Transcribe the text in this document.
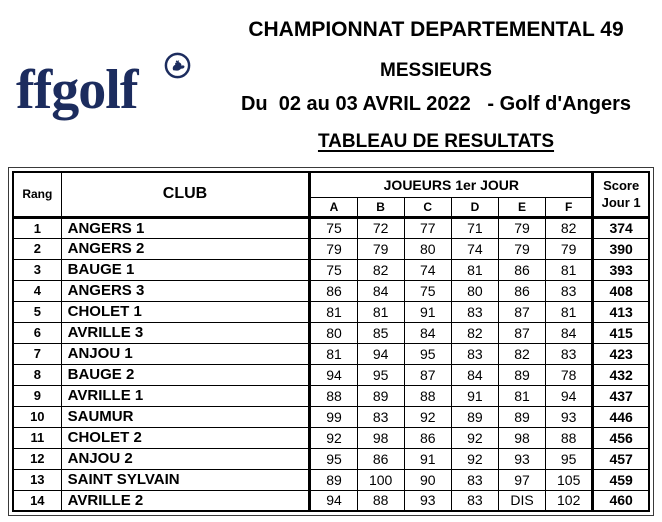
ffgolf
CHAMPIONNAT DEPARTEMENTAL 49
MESSIEURS
Du  02 au 03 AVRIL 2022   - Golf d'Angers
TABLEAU DE RESULTATS
Rang	CLUB	JOUEURS 1er JOUR						Score
Jour 1

		A	B	C	D	E	F	
1	ANGERS 1	75	72	77	71	79	82	374
2	ANGERS 2	79	79	80	74	79	79	390
3	BAUGE 1	75	82	74	81	86	81	393
4	ANGERS 3	86	84	75	80	86	83	408
5	CHOLET 1	81	81	91	83	87	81	413
6	AVRILLE 3	80	85	84	82	87	84	415
7	ANJOU 1	81	94	95	83	82	83	423
8	BAUGE 2	94	95	87	84	89	78	432
9	AVRILLE 1	88	89	88	91	81	94	437
10	SAUMUR	99	83	92	89	89	93	446
11	CHOLET 2	92	98	86	92	98	88	456
12	ANJOU 2	95	86	91	92	93	95	457
13	SAINT SYLVAIN	89	100	90	83	97	105	459
14	AVRILLE 2	94	88	93	83	DIS	102	460
